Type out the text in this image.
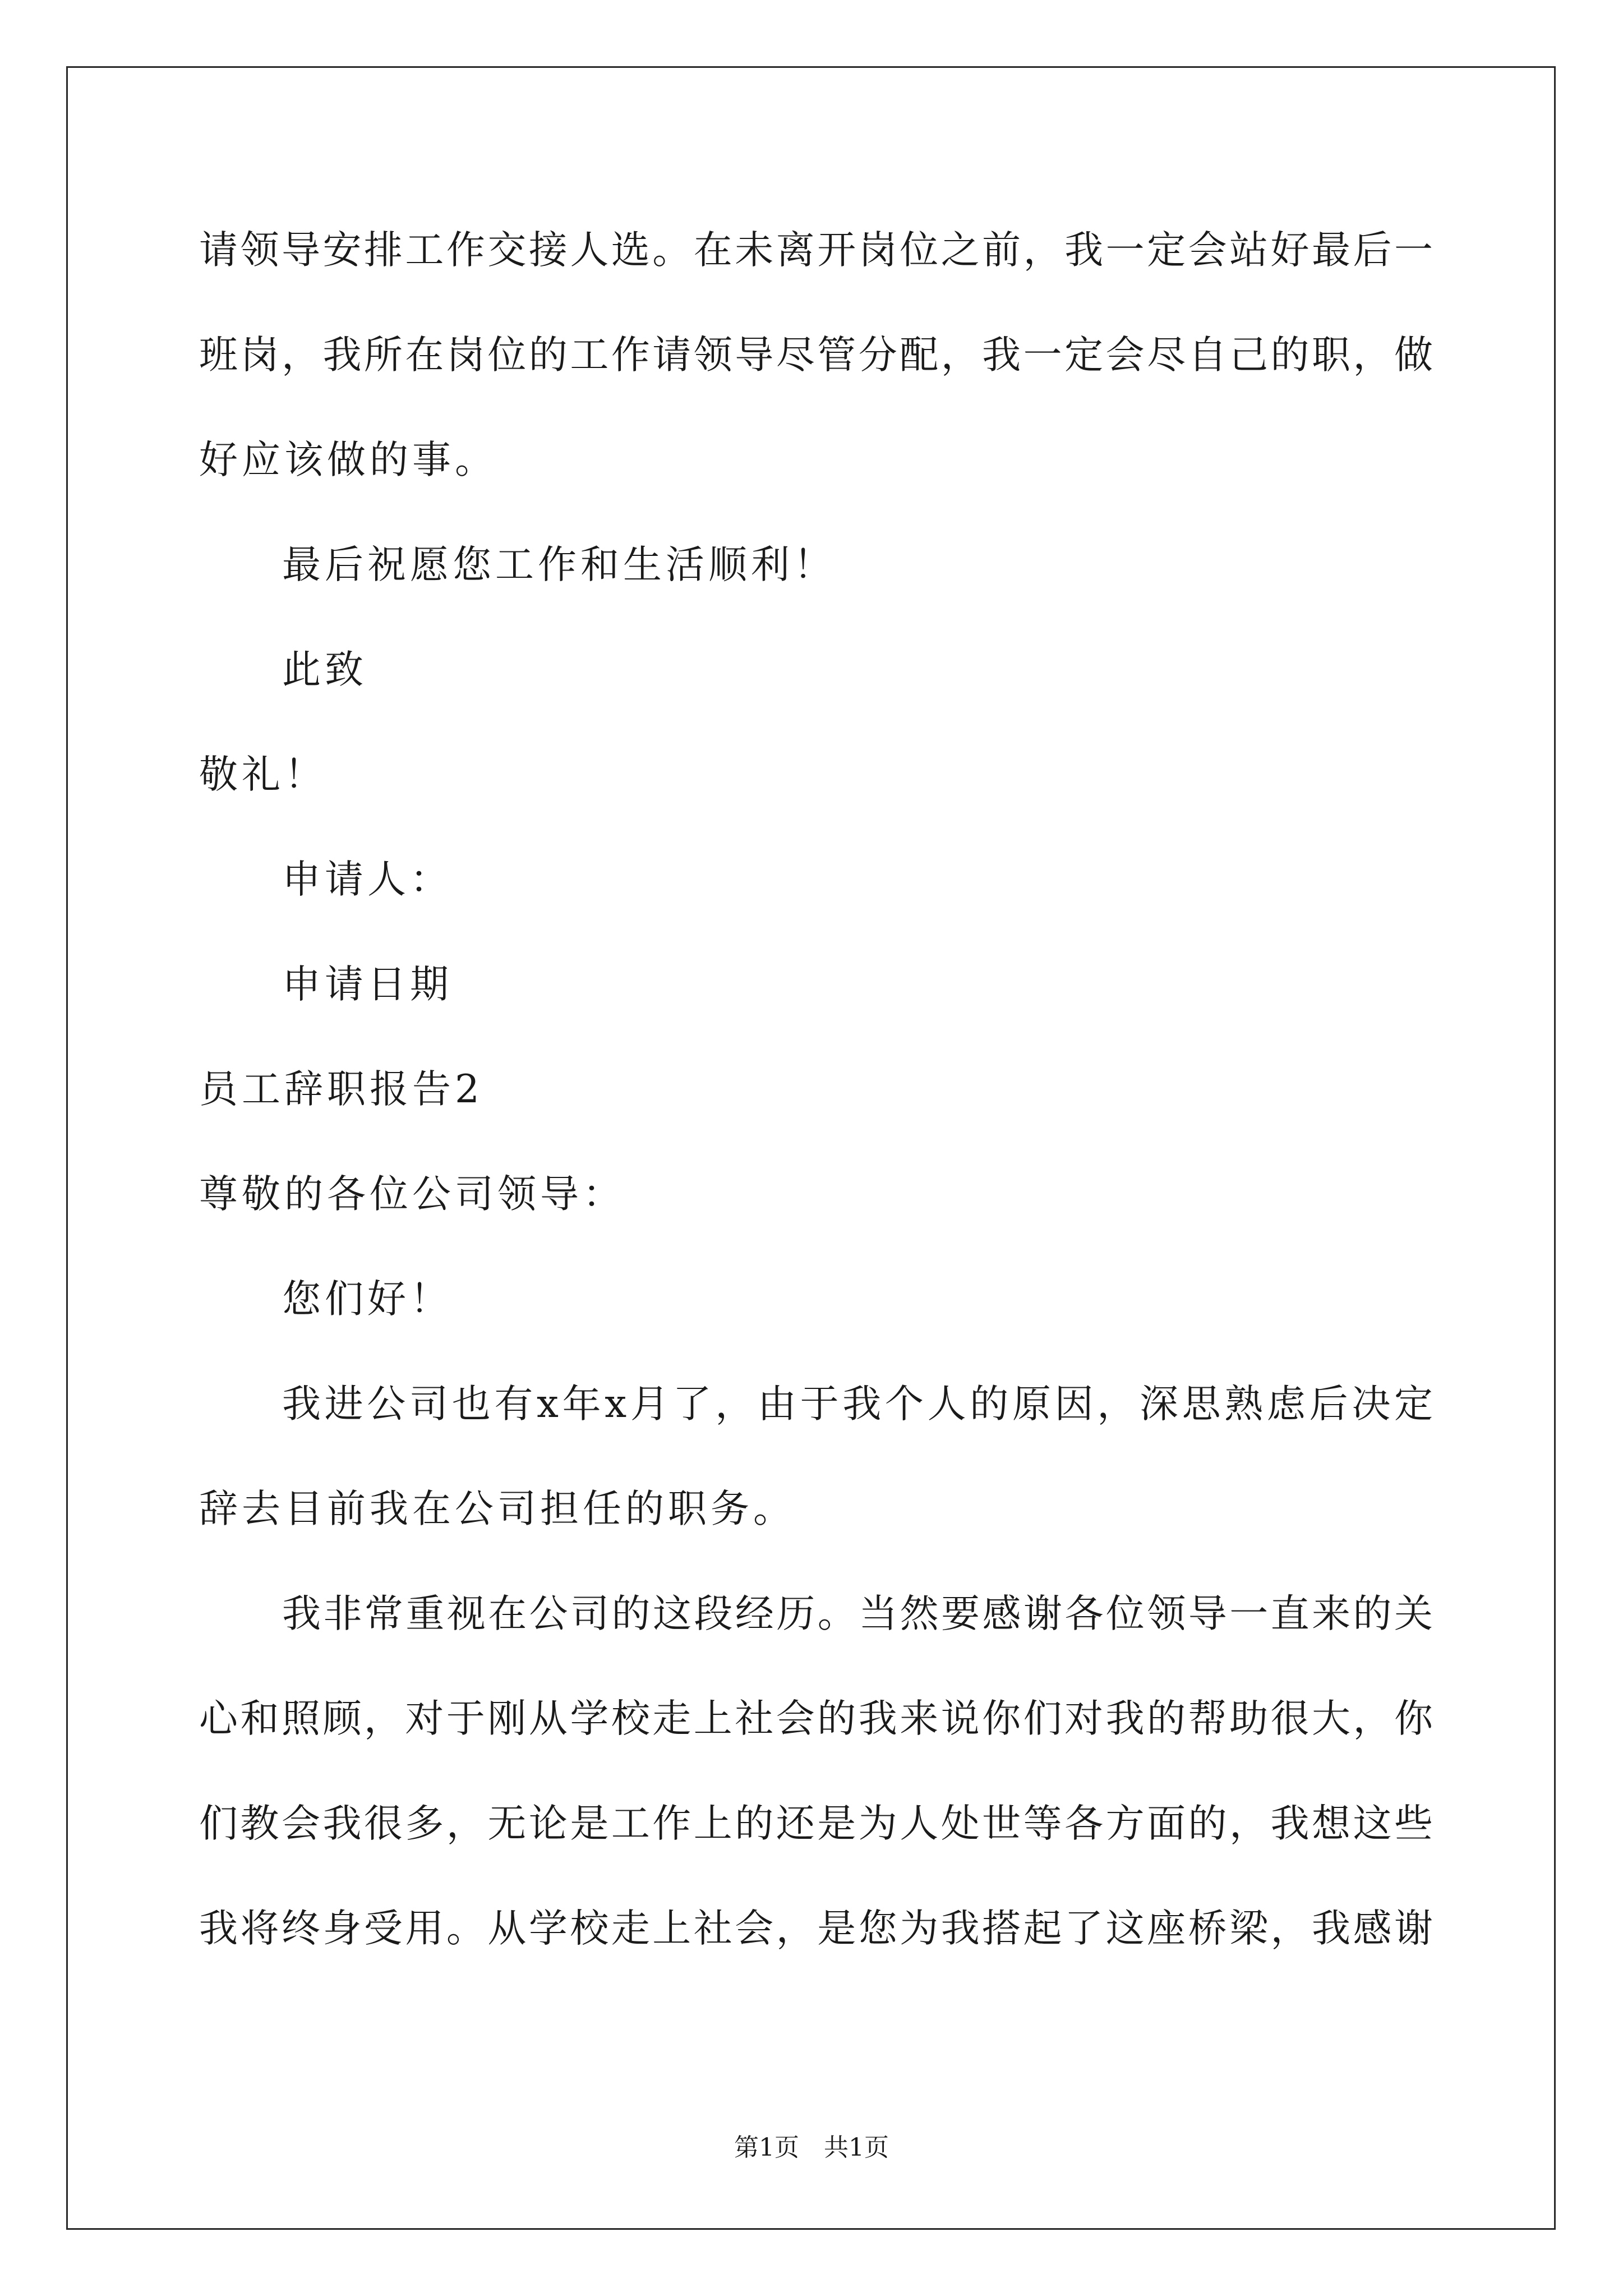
请领导安排工作交接人选。在未离开岗位之前，我一定会站好最后一
班岗，我所在岗位的工作请领导尽管分配，我一定会尽自己的职，做
好应该做的事。
最后祝愿您工作和生活顺利！
此致
敬礼！
申请人：
申请日期
员工辞职报告2
尊敬的各位公司领导：
您们好！
我进公司也有x年x月了，由于我个人的原因，深思熟虑后决定
辞去目前我在公司担任的职务。
我非常重视在公司的这段经历。当然要感谢各位领导一直来的关
心和照顾，对于刚从学校走上社会的我来说你们对我的帮助很大，你
们教会我很多，无论是工作上的还是为人处世等各方面的，我想这些
我将终身受用。从学校走上社会，是您为我搭起了这座桥梁，我感谢
第1页　共1页
